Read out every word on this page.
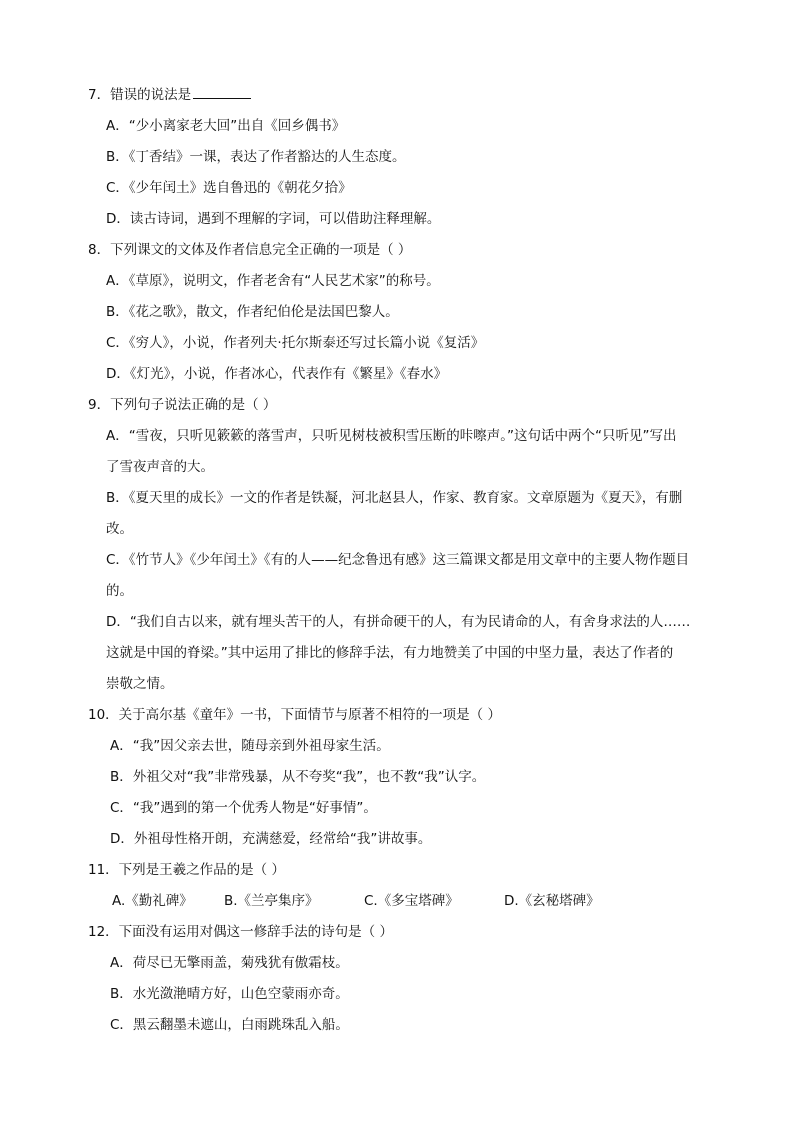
7．错误的说法是
A．“少小离家老大回”出自《回乡偶书》
B．《丁香结》一课，表达了作者豁达的人生态度。
C．《少年闰土》选自鲁迅的《朝花夕拾》
D．读古诗词，遇到不理解的字词，可以借助注释理解。
8．下列课文的文体及作者信息完全正确的一项是（ ）
A．《草原》，说明文，作者老舍有“人民艺术家”的称号。
B．《花之歌》，散文，作者纪伯伦是法国巴黎人。
C．《穷人》，小说，作者列夫·托尔斯泰还写过长篇小说《复活》
D．《灯光》，小说，作者冰心，代表作有《繁星》《春水》
9．下列句子说法正确的是（ ）
A．“雪夜，只听见簌簌的落雪声，只听见树枝被积雪压断的咔嚓声。”这句话中两个“只听见”写出
了雪夜声音的大。
B．《夏天里的成长》一文的作者是铁凝，河北赵县人，作家、教育家。文章原题为《夏天》，有删
改。
C．《竹节人》《少年闰土》《有的人——纪念鲁迅有感》这三篇课文都是用文章中的主要人物作题目
的。
D．“我们自古以来，就有埋头苦干的人，有拼命硬干的人，有为民请命的人，有舍身求法的人……
这就是中国的脊梁。”其中运用了排比的修辞手法，有力地赞美了中国的中坚力量，表达了作者的
崇敬之情。
10．关于高尔基《童年》一书，下面情节与原著不相符的一项是（ ）
A．“我”因父亲去世，随母亲到外祖母家生活。
B．外祖父对“我”非常残暴，从不夸奖“我”，也不教“我”认字。
C．“我”遇到的第一个优秀人物是“好事情”。
D．外祖母性格开朗，充满慈爱，经常给“我”讲故事。
11．下列是王羲之作品的是（ ）
A.《勤礼碑》	B.《兰亭集序》	C.《多宝塔碑》	D.《玄秘塔碑》
12．下面没有运用对偶这一修辞手法的诗句是（ ）
A．荷尽已无擎雨盖，菊残犹有傲霜枝。
B．水光潋滟晴方好，山色空蒙雨亦奇。
C．黑云翻墨未遮山，白雨跳珠乱入船。
